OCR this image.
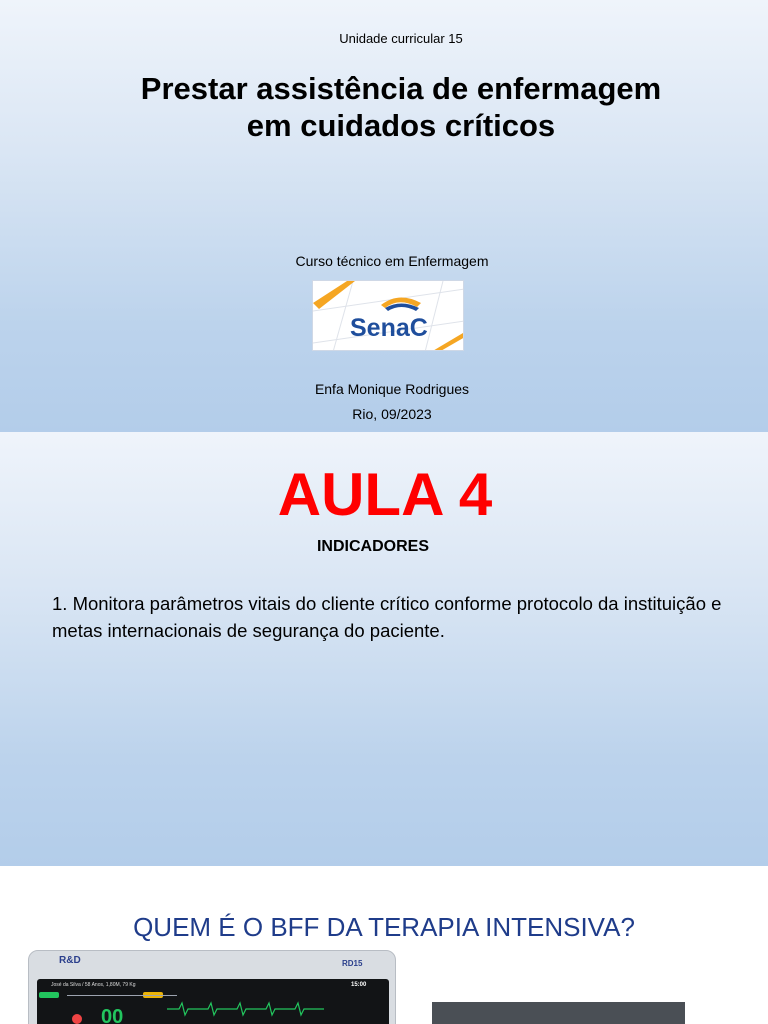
Unidade curricular 15
Prestar assistência de enfermagem
em cuidados críticos
Curso técnico em Enfermagem
SenaC
Enfa Monique Rodrigues
Rio, 09/2023
AULA 4
INDICADORES
1. Monitora parâmetros vitais do cliente crítico conforme protocolo da instituição e metas internacionais de segurança do paciente.
QUEM É O BFF DA TERAPIA INTENSIVA?
R&D	RD15
José da Silva / 58 Anos, 1,80M, 79 Kg	15:00
00
